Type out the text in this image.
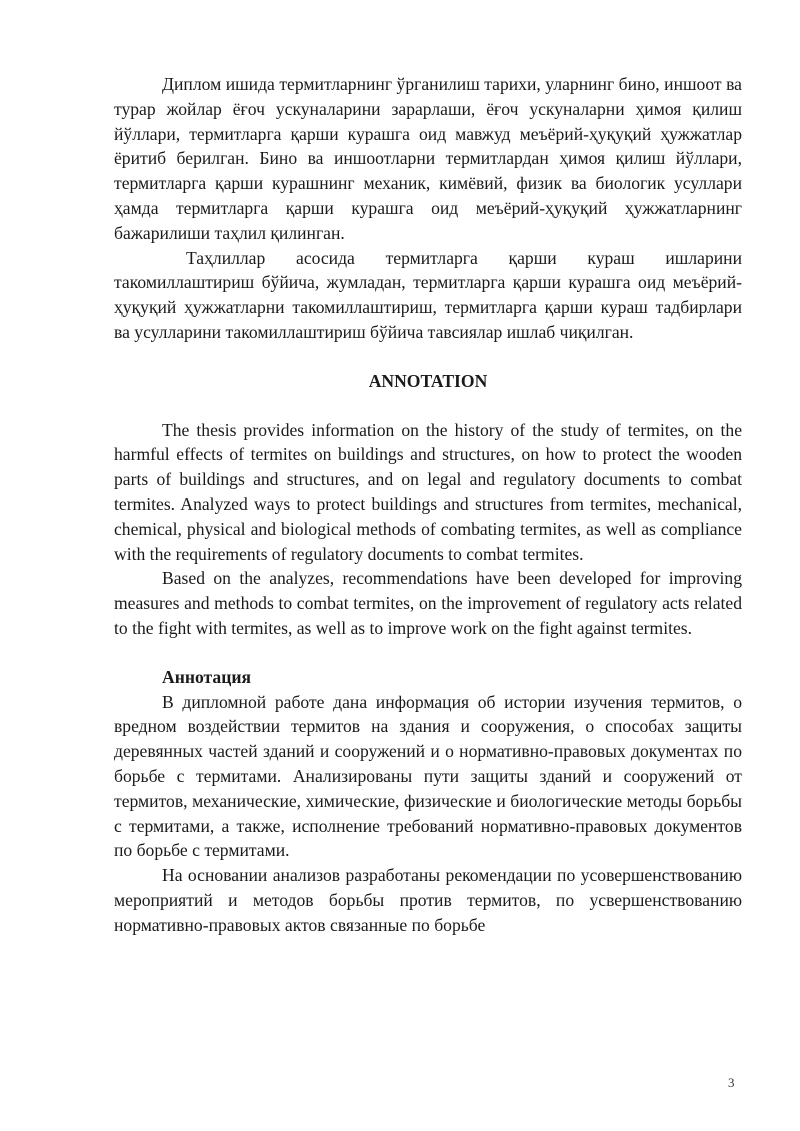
Диплом ишида термитларнинг ўрганилиш тарихи, уларнинг бино, иншоот ва турар жойлар ёғоч ускуналарини зарарлаши, ёғоч ускуналарни ҳимоя қилиш йўллари, термитларга қарши курашга оид мавжуд меъёрий-ҳуқуқий ҳужжатлар ёритиб берилган. Бино ва иншоотларни термитлардан ҳимоя қилиш йўллари, термитларга қарши курашнинг механик, кимёвий, физик ва биологик усуллари ҳамда термитларга қарши курашга оид меъёрий-ҳуқуқий ҳужжатларнинг бажарилиши таҳлил қилинган.

Таҳлиллар асосида термитларга қарши кураш ишларини такомиллаштириш бўйича, жумладан, термитларга қарши курашга оид меъёрий-ҳуқуқий ҳужжатларни такомиллаштириш, термитларга қарши кураш тадбирлари ва усулларини такомиллаштириш бўйича тавсиялар ишлаб чиқилган.

ANNOTATION

The thesis provides information on the history of the study of termites, on the harmful effects of termites on buildings and structures, on how to protect the wooden parts of buildings and structures, and on legal and regulatory documents to combat termites. Analyzed ways to protect buildings and structures from termites, mechanical, chemical, physical and biological methods of combating termites, as well as compliance with the requirements of regulatory documents to combat termites.

Based on the analyzes, recommendations have been developed for improving measures and methods to combat termites, on the improvement of regulatory acts related to the fight with termites, as well as to improve work on the fight against termites.

Аннотация

В дипломной работе дана информация об истории изучения термитов, о вредном воздействии термитов на здания и сооружения, о способах защиты деревянных частей зданий и сооружений и о нормативно-правовых документах по борьбе с термитами. Анализированы пути защиты зданий и сооружений от термитов, механические, химические, физические и биологические методы борьбы с термитами, а также, исполнение требований нормативно-правовых документов по борьбе с термитами.

На основании анализов разработаны рекомендации по усовершенствованию мероприятий и методов борьбы против термитов, по усвершенствованию нормативно-правовых актов связанные по борьбе

3
